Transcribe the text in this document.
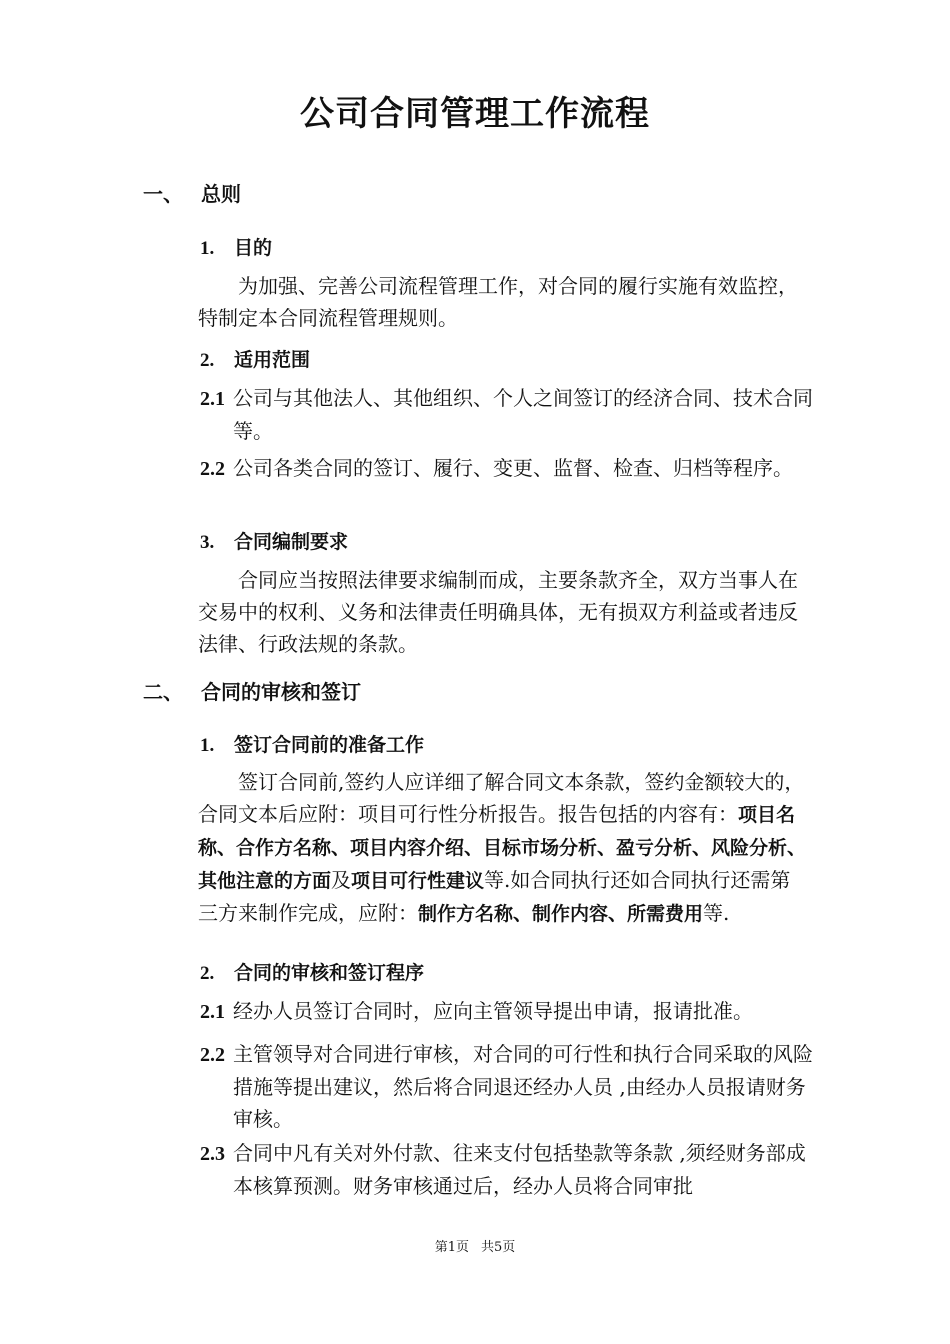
公司合同管理工作流程
一、 总则
1. 目的
为加强、完善公司流程管理工作，对合同的履行实施有效监控，特制定本合同流程管理规则。
2. 适用范围
2.1 公司与其他法人、其他组织、个人之间签订的经济合同、技术合同等。
2.2 公司各类合同的签订、履行、变更、监督、检查、归档等程序。
3. 合同编制要求
合同应当按照法律要求编制而成，主要条款齐全，双方当事人在交易中的权利、义务和法律责任明确具体，无有损双方利益或者违反法律、行政法规的条款。
二、 合同的审核和签订
1. 签订合同前的准备工作
签订合同前,签约人应详细了解合同文本条款，签约金额较大的，合同文本后应附：项目可行性分析报告。报告包括的内容有：项目名称、合作方名称、项目内容介绍、目标市场分析、盈亏分析、风险分析、其他注意的方面及项目可行性建议等.如合同执行还如合同执行还需第三方来制作完成，应附：制作方名称、制作内容、所需费用等.
2. 合同的审核和签订程序
2.1 经办人员签订合同时，应向主管领导提出申请，报请批准。
2.2 主管领导对合同进行审核，对合同的可行性和执行合同采取的风险措施等提出建议，然后将合同退还经办人员 ,由经办人员报请财务审核。
2.3 合同中凡有关对外付款、往来支付包括垫款等条款 ,须经财务部成本核算预测。财务审核通过后，经办人员将合同审批
第1页 共5页
